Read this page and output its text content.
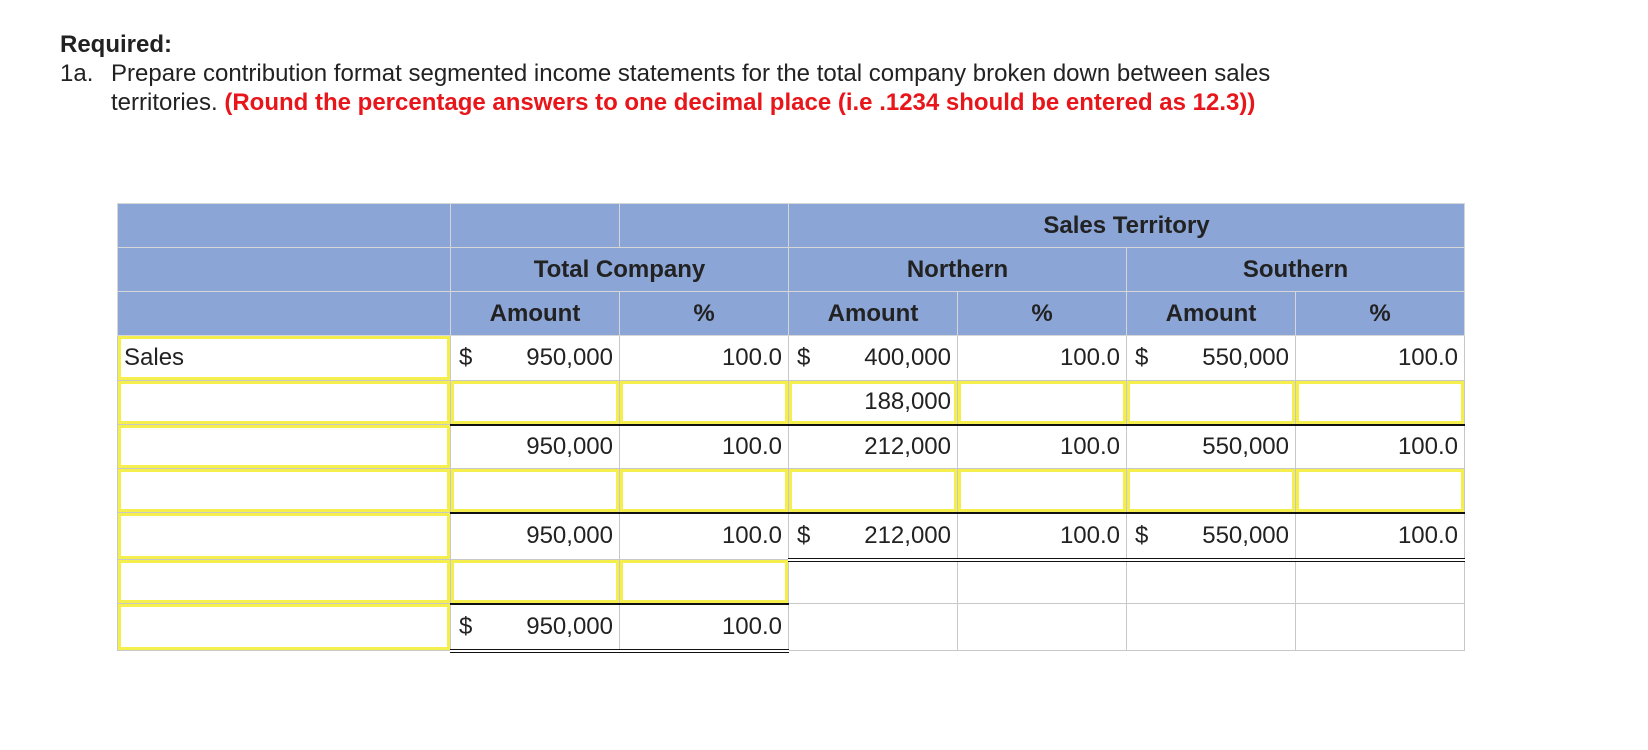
Required:
1a. Prepare contribution format segmented income statements for the total company broken down between sales territories. (Round the percentage answers to one decimal place (i.e .1234 should be entered as 12.3))
			Sales Territory			
	Total Company		Northern		Southern	
	Amount	%	Amount	%	Amount	%
Sales	$ 950,000	100.0	$ 400,000	100.0	$ 550,000	100.0
			188,000			
	950,000	100.0	212,000	100.0	550,000	100.0

	950,000	100.0	$ 212,000	100.0	$ 550,000	100.0

	$ 950,000	100.0				
